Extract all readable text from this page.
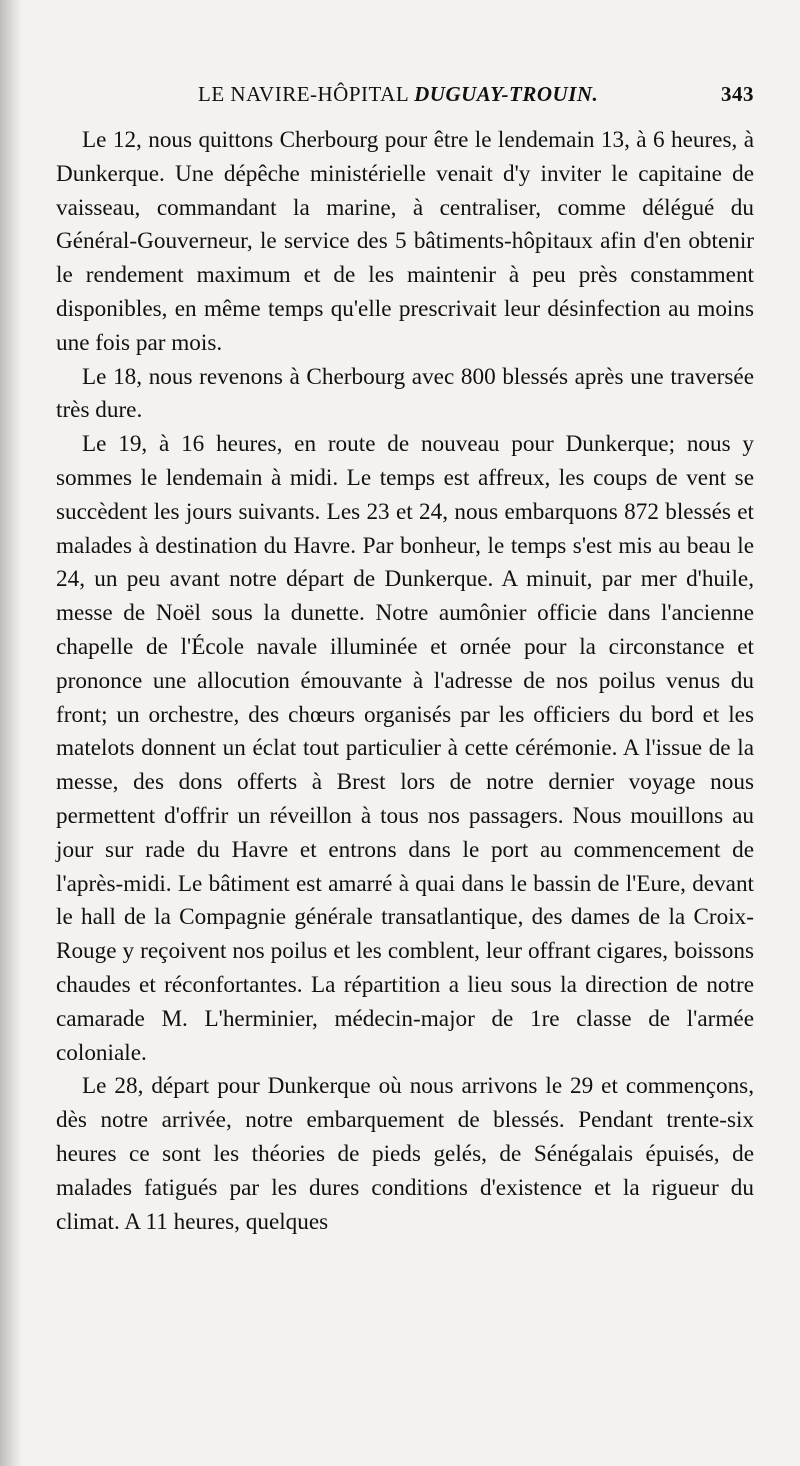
LE NAVIRE-HÔPITAL DUGUAY-TROUIN.	343

Le 12, nous quittons Cherbourg pour être le lendemain 13, à 6 heures, à Dunkerque. Une dépêche ministérielle venait d'y inviter le capitaine de vaisseau, commandant la marine, à centraliser, comme délégué du Général-Gouverneur, le service des 5 bâtiments-hôpitaux afin d'en obtenir le rendement maximum et de les maintenir à peu près constamment disponibles, en même temps qu'elle prescrivait leur désinfection au moins une fois par mois.

Le 18, nous revenons à Cherbourg avec 800 blessés après une traversée très dure.

Le 19, à 16 heures, en route de nouveau pour Dunkerque; nous y sommes le lendemain à midi. Le temps est affreux, les coups de vent se succèdent les jours suivants. Les 23 et 24, nous embarquons 872 blessés et malades à destination du Havre. Par bonheur, le temps s'est mis au beau le 24, un peu avant notre départ de Dunkerque. A minuit, par mer d'huile, messe de Noël sous la dunette. Notre aumônier officie dans l'ancienne chapelle de l'École navale illuminée et ornée pour la circonstance et prononce une allocution émouvante à l'adresse de nos poilus venus du front; un orchestre, des chœurs organisés par les officiers du bord et les matelots donnent un éclat tout particulier à cette cérémonie. A l'issue de la messe, des dons offerts à Brest lors de notre dernier voyage nous permettent d'offrir un réveillon à tous nos passagers. Nous mouillons au jour sur rade du Havre et entrons dans le port au commencement de l'après-midi. Le bâtiment est amarré à quai dans le bassin de l'Eure, devant le hall de la Compagnie générale transatlantique, des dames de la Croix-Rouge y reçoivent nos poilus et les comblent, leur offrant cigares, boissons chaudes et réconfortantes. La répartition a lieu sous la direction de notre camarade M. L'herminier, médecin-major de 1re classe de l'armée coloniale.

Le 28, départ pour Dunkerque où nous arrivons le 29 et commençons, dès notre arrivée, notre embarquement de blessés. Pendant trente-six heures ce sont les théories de pieds gelés, de Sénégalais épuisés, de malades fatigués par les dures conditions d'existence et la rigueur du climat. A 11 heures, quelques
